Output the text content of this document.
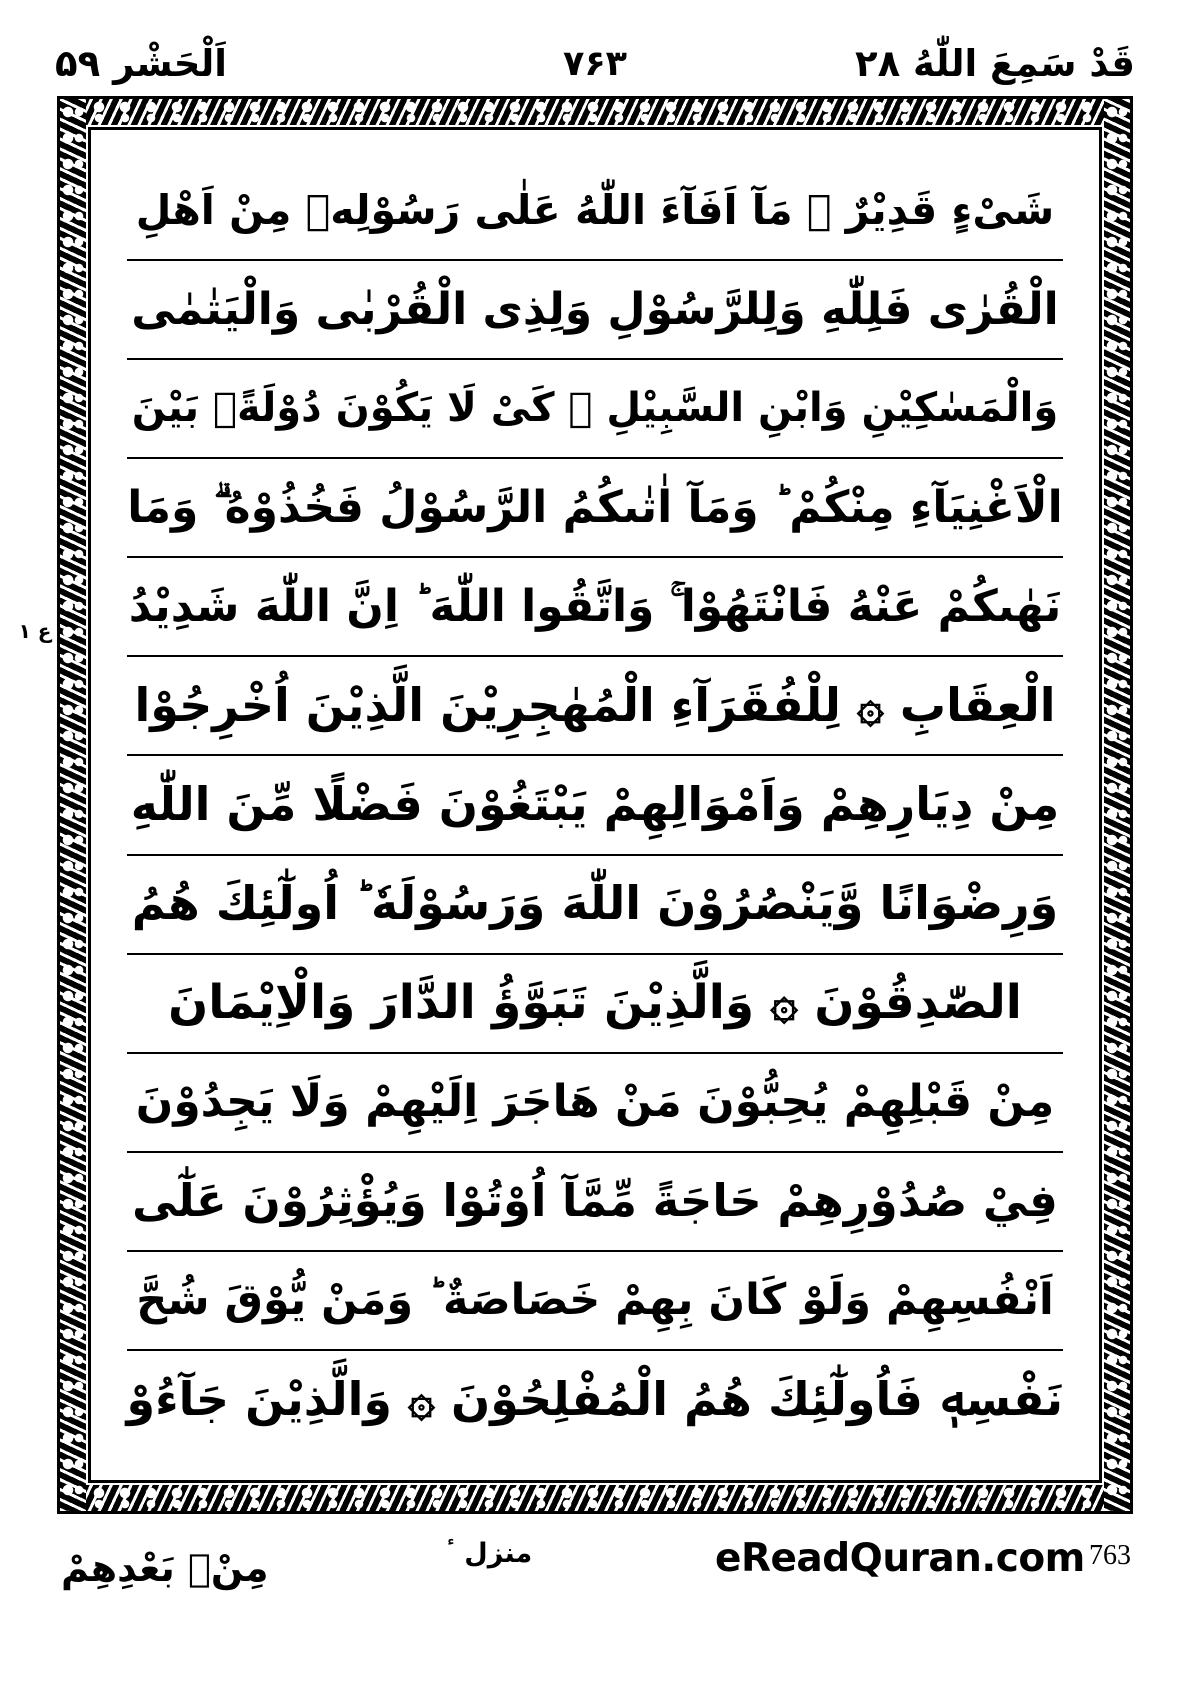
اَلْحَشْر ۵۹	۷۶۳	قَدْ سَمِعَ اللّٰهُ ۲۸
شَىْءٍ قَدِيْرٌ ۞ مَآ اَفَآءَ اللّٰهُ عَلٰى رَسُوْلِهٖ مِنْ اَهْلِ
الْقُرٰى فَلِلّٰهِ وَلِلرَّسُوْلِ وَلِذِى الْقُرْبٰى وَالْيَتٰمٰى
وَالْمَسٰكِيْنِ وَابْنِ السَّبِيْلِ ۙ كَىْ لَا يَكُوْنَ دُوْلَةًۢ بَيْنَ
الْاَغْنِيَآءِ مِنْكُمْ ؕ وَمَآ اٰتٰىكُمُ الرَّسُوْلُ فَخُذُوْهُ ۗ وَمَا
نَهٰىكُمْ عَنْهُ فَانْتَهُوْا ۚ وَاتَّقُوا اللّٰهَ ؕ اِنَّ اللّٰهَ شَدِيْدُ
الْعِقَابِ ۞ لِلْفُقَرَآءِ الْمُهٰجِرِيْنَ الَّذِيْنَ اُخْرِجُوْا
مِنْ دِيَارِهِمْ وَاَمْوَالِهِمْ يَبْتَغُوْنَ فَضْلًا مِّنَ اللّٰهِ
وَرِضْوَانًا وَّيَنْصُرُوْنَ اللّٰهَ وَرَسُوْلَهٗ ؕ اُولٰٓئِكَ هُمُ
الصّٰدِقُوْنَ ۞ وَالَّذِيْنَ تَبَوَّؤُ الدَّارَ وَالْاِيْمَانَ
مِنْ قَبْلِهِمْ يُحِبُّوْنَ مَنْ هَاجَرَ اِلَيْهِمْ وَلَا يَجِدُوْنَ
فِيْ صُدُوْرِهِمْ حَاجَةً مِّمَّآ اُوْتُوْا وَيُؤْثِرُوْنَ عَلٰٓى
اَنْفُسِهِمْ وَلَوْ كَانَ بِهِمْ خَصَاصَةٌ ؕ وَمَنْ يُّوْقَ شُحَّ
نَفْسِهٖ فَاُولٰٓئِكَ هُمُ الْمُفْلِحُوْنَ ۞ وَالَّذِيْنَ جَآءُوْ
ع ۱
مِنْۢ بَعْدِهِمْ	منزل ٴ	eReadQuran.com 763
